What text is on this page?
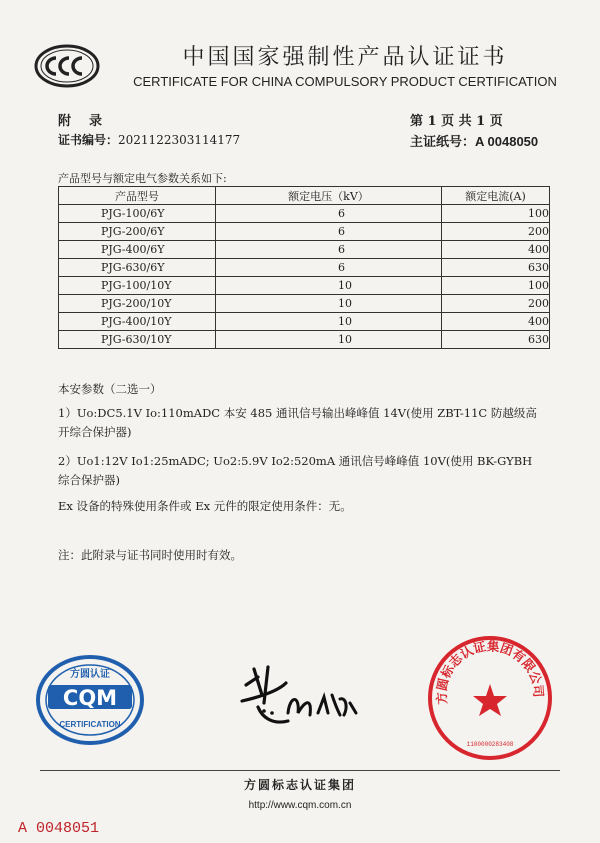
中国国家强制性产品认证证书
CERTIFICATE FOR CHINA COMPULSORY PRODUCT CERTIFICATION
附录	第 1 页 共 1 页
证书编号：2021122303114177	主证纸号：A 0048050
产品型号与额定电气参数关系如下:
产品型号	额定电压（kV）	额定电流(A)
PJG-100/6Y	6	100
PJG-200/6Y	6	200
PJG-400/6Y	6	400
PJG-630/6Y	6	630
PJG-100/10Y	10	100
PJG-200/10Y	10	200
PJG-400/10Y	10	400
PJG-630/10Y	10	630
本安参数（二选一）
1）Uo:DC5.1V Io:110mADC 本安 485 通讯信号输出峰峰值 14V(使用 ZBT-11C 防越级高
开综合保护器)
2）Uo1:12V Io1:25mADC; Uo2:5.9V Io2:520mA 通讯信号峰峰值 10V(使用 BK-GYBH
综合保护器)
Ex 设备的特殊使用条件或 Ex 元件的限定使用条件：无。
注：此附录与证书同时使用时有效。
方圆认证
CQM
CERTIFICATION
方圆标志认证集团有限公司
1100000283408
方圆标志认证集团
http://www.cqm.com.cn
A 0048051
